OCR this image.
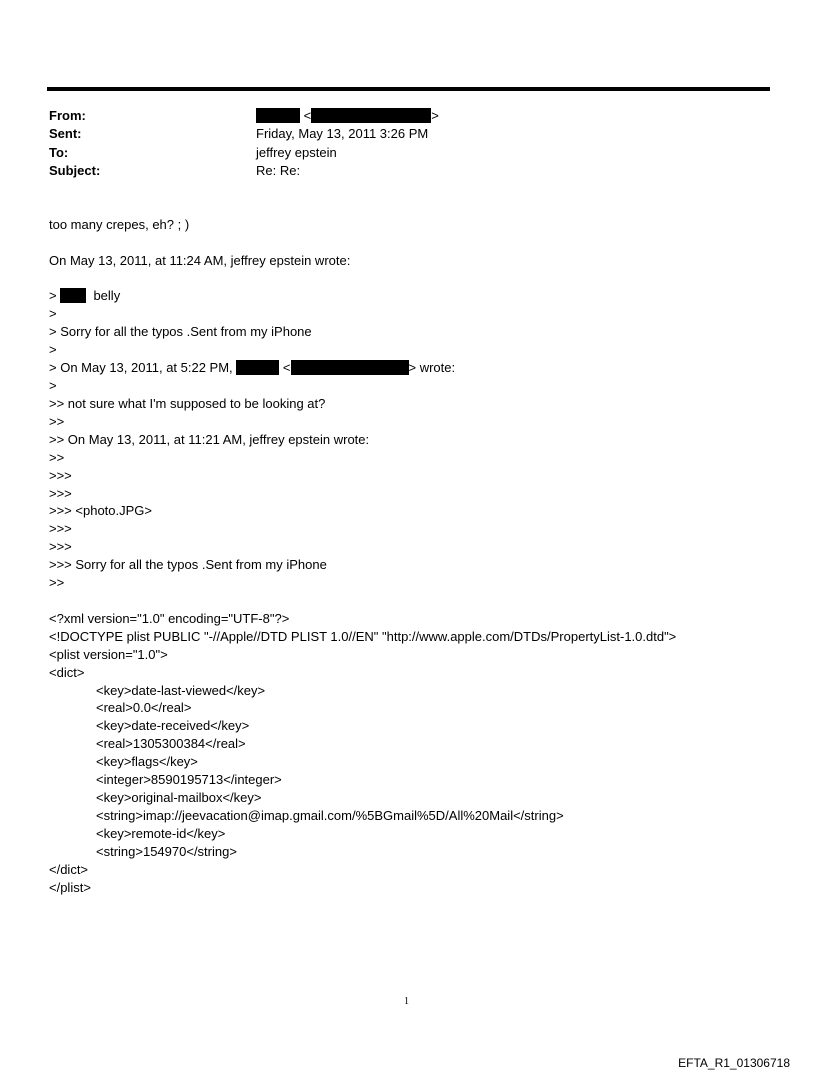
From:	<	>
Sent:	Friday, May 13, 2011 3:26 PM
To:	jeffrey epstein
Subject:	Re: Re:
too many crepes, eh? ; )
On May 13, 2011, at 11:24 AM, jeffrey epstein wrote:
>	belly
>
> Sorry for all the typos .Sent from my iPhone
>
> On May 13, 2011, at 5:22 PM,	<	> wrote:
>
>> not sure what I'm supposed to be looking at?
>>
>> On May 13, 2011, at 11:21 AM, jeffrey epstein wrote:
>>
>>>
>>>
>>> <photo.JPG>
>>>
>>>
>>> Sorry for all the typos .Sent from my iPhone
>>
<?xml version="1.0" encoding="UTF-8"?>
<!DOCTYPE plist PUBLIC "-//Apple//DTD PLIST 1.0//EN" "http://www.apple.com/DTDs/PropertyList-1.0.dtd">
<plist version="1.0">
<dict>
<key>date-last-viewed</key>
<real>0.0</real>
<key>date-received</key>
<real>1305300384</real>
<key>flags</key>
<integer>8590195713</integer>
<key>original-mailbox</key>
<string>imap://jeevacation@imap.gmail.com/%5BGmail%5D/All%20Mail</string>
<key>remote-id</key>
<string>154970</string>
</dict>
</plist>
1
EFTA_R1_01306718
